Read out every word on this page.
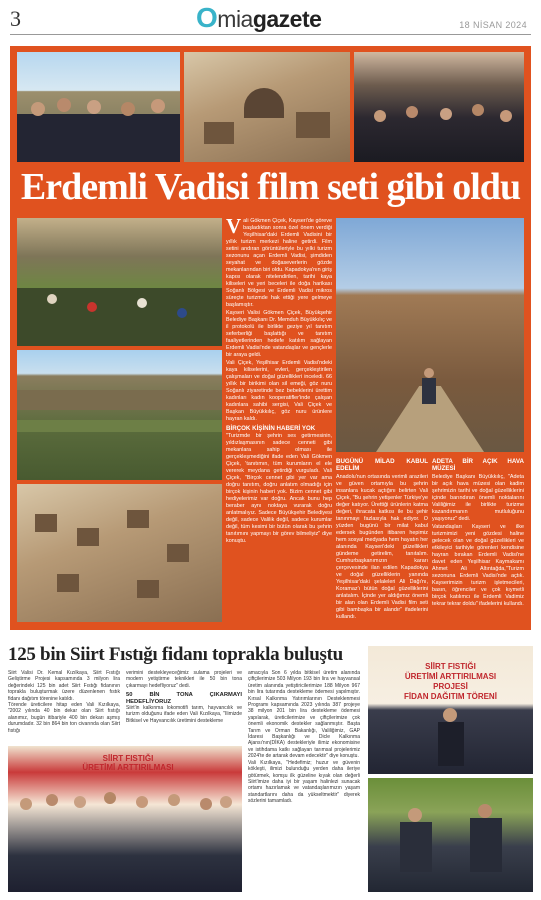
3	Omiagazete	18 NİSAN 2024
Erdemli Vadisi film seti gibi oldu

Vali Gökmen Çiçek, Kayseri'de göreve başladıktan sonra özel önem verdiği Yeşilhisar'daki Erdemli Vadisini bir yıllık turizm merkezi haline getirdi. Film setini andıran görüntüleriyle bu yılki turizm sezonunu açan Erdemli Vadisi, şimdiden seyahat ve doğaseverlerin gözde mekanlarından biri oldu. Kapadokya'nın giriş kapısı olarak nitelendirilen, tarihi kaya kiliseleri ve yeri beceleri ile doğa harikası Soğanlı Bölgesi ve Erdemli Vadisi mikros süreçte turizmde hak ettiği yere gelmeye başlamıştır.

Kayseri Valisi Gökmen Çiçek, Büyükşehir Belediye Başkanı Dr. Memduh Büyükkılıç ve il protokolü ile birlikte geziye yıl tanıtım seferberliği başlattığı ve tanıtım faaliyetlerinden hedefe katılım sağlayan Erdemli Vadisi'nde vatandaşlar ve gençlerle bir araya geldi.

Vali Çiçek, Yeşilhisar Erdemli Vadisi'ndeki kaya kiliselerini, evleri, gerçekleştirilen çalışmaları ve doğal güzellikleri inceledi. 66 yıllık bir birikimi olan sil emeği, göz nuru Soğanlı ziyaretinde bez bebeklerini ürettim kadınları kadın kooperatifler'inde çalışan kadınlara sahibi sergisi, Vali Çiçek ve Başkan Büyükkılıç, göz nuru ürünlere hayran kaldı.

BİRÇOK KİŞİNİN HABERİ YOK

"Turizmde bir şehrin ses getirmesinin, yıldızlaşmasının sadece cenneti gibi mekanlara sahip olması ile gerçekleşmediğini ifade eden Vali Gökmen Çiçek, 'tanıtımın, tüm kurumların el ele vererek meydana getirdiği vurguladı. Vali Çiçek, "Birçok cennet gibi yer var ama doğru tanıtım, doğru anlatım olmadığı için birçok kişinin haberi yok. Bizim cennet gibi hediyelerimiz var doğru. Ancak bunu hep beraber aynı noktaya vurarak doğru anlatmalıyız. Sadece Büyükşehir Belediyesi değil, sadece Valilik değil, sadece kurumlar değil, tüm kesimi bir bütün olarak bu şehrin tanıtımını yapmayı bir görev bilmeliyiz" diye konuştu.

BUGÜNÜ MİLAD KABUL EDELİM

Anadolu'nun ortasında verimli arazileri ve güven ortamıyla bu şehrin insanlara kucak açtığını belirten Vali Çiçek, "Bu şehrin yetişenler Türkiye'ye değer katıyor. Ürettiği ürünlerin katma değeri, ihracata katkısı ile bu şehir tanınmayı fazlasıyla hak ediyor. O yüzden bugünü bir milat kabul edersek bugünden itibaren hepimiz hem sosyal medyada hem hayatın her alanında Kayseri'deki güzellikleri gündeme getirelim, tanıtalım. Cumhurbaşkanımızın kararı çerçevesinde ilan edilen Kapadokya ve doğal güzelliklerin yanında Yeşilhisar'daki şelaleleri Ali Dağı'nı, Koramaz'ı bütün doğal güzelliklerini anlatalım. İçinde yer aldığımız önemli bir alan olan Erdemli Vadisi film seti gibi bambaşka bir alandır" ifadelerini kullandı.

ADETA BİR AÇIK HAVA MÜZESİ

Belediye Başkanı Büyükkılıç, "Adeta bir açık hava müzesi olan kadim şehrimizin tarihi ve doğal güzelliklerini içinde barındıran önemli noktalarını Valiliğimiz ile birlikte turizme kazandırmanın mutluluğunu yaşıyoruz" dedi.

Vatandaşları Kayseri ve ilke turizmimizi yeni gözdesi haline gelecek olan ve doğal güzellikleri ve etkileyici tarihiyle görenleri kendisine hayran bırakan Erdemli Vadisi'ne davet eden Yeşilhisar Kaymakamı Ahmet Ali Altıntağda,"Turizm sezonuna Erdemli Vadisi'nde açtık. Kayserimizin turizm işletmecileri, basın, öğrenciler ve çok kıymetli birçok katılımcı ile Erdemli Vadimiz tekrar tekrar doldu" ifadelerini kullandı.

125 bin Siirt Fıstığı fidanı toprakla buluştu

Siirt Valisi Dr. Kemal Kızılkaya, Siirt Fıstığı Geliştirme Projesi kapsamında 3 milyon lira değerindeki 125 bin adet Siirt Fıstığı fidanının toprakla buluşturmak üzere düzenlenen fıstık fidanı dağıtım törenine katıldı.

Törende üreticilere hitap eden Vali Kızılkaya, "2002 yılında 40 bin dekar olan Siirt fıstığı alanımız, bugün itibariyle 400 bin dekarı aşmış durumdadır. 32 bin 864 bin ton civarında olan Siirt fıstığı

verimini destekleyeceğimiz sulama projeleri ve modern yetiştirme teknikleri ile 50 bin tona çıkarmayı hedefliyoruz" dedi.

50 BİN TONA ÇIKARMAYI HEDEFLİYORUZ

Siirt'in kalkınma lokomotifi tarım, hayvancılık ve turizm olduğunu ifade eden Vali Kızılkaya, "Ilimizde Bitkisel ve Hayvancılık üretimini destekleme

amacıyla Son 6 yılda bitkisel üretim alanında çiftçilerimize 503 Milyon 193 bin lira ve hayvansal üretim alanında yetiştiricilerimize 188 Milyon 967 bin lira tutarında destekleme ödemesi yapılmıştır. Kırsal Kalkınma Yatırımlarının Desteklenmesi Programı kapsamında 2023 yılında 387 projeye 38 milyon 201 bin lira destekleme ödemesi yapılarak, üreticilerimize ve çiftçilerimize çok önemli ekonomik destekler sağlanmıştır. Başta Tarım ve Orman Bakanlığı, Valiliğimiz, GAP İdaresi Başkanlığı ve Dicle Kalkınma Ajansı'nın(DİKA) destekleriyle ilimiz ekonomisine ve istihdama katkı sağlayan tarımsal projelerimiz 2024'te de artarak devam edecektir" diye konuştu.

Vali Kızılkaya, "Hedefimiz; huzur ve güvenin kökleşti, ilimizi bulunduğu yerden daha ileriye götürmek, komşu ilk güzeline kıyak olan değerli Siirt'imize daha iyi bir yaşam halinlezi sunacak ortamı hazırlamak ve vatandaşlarımızın yaşam standartlarını daha da yükseltmektir" diyerek sözlerini tamamladı.

SİİRT FISTIĞI
ÜRETİMİ ARTTIRILMASI
SİİRT FISTIĞI
ÜRETİMİ ARTTIRILMASI
PROJESİ
FİDAN DAĞITIM TÖRENİ
